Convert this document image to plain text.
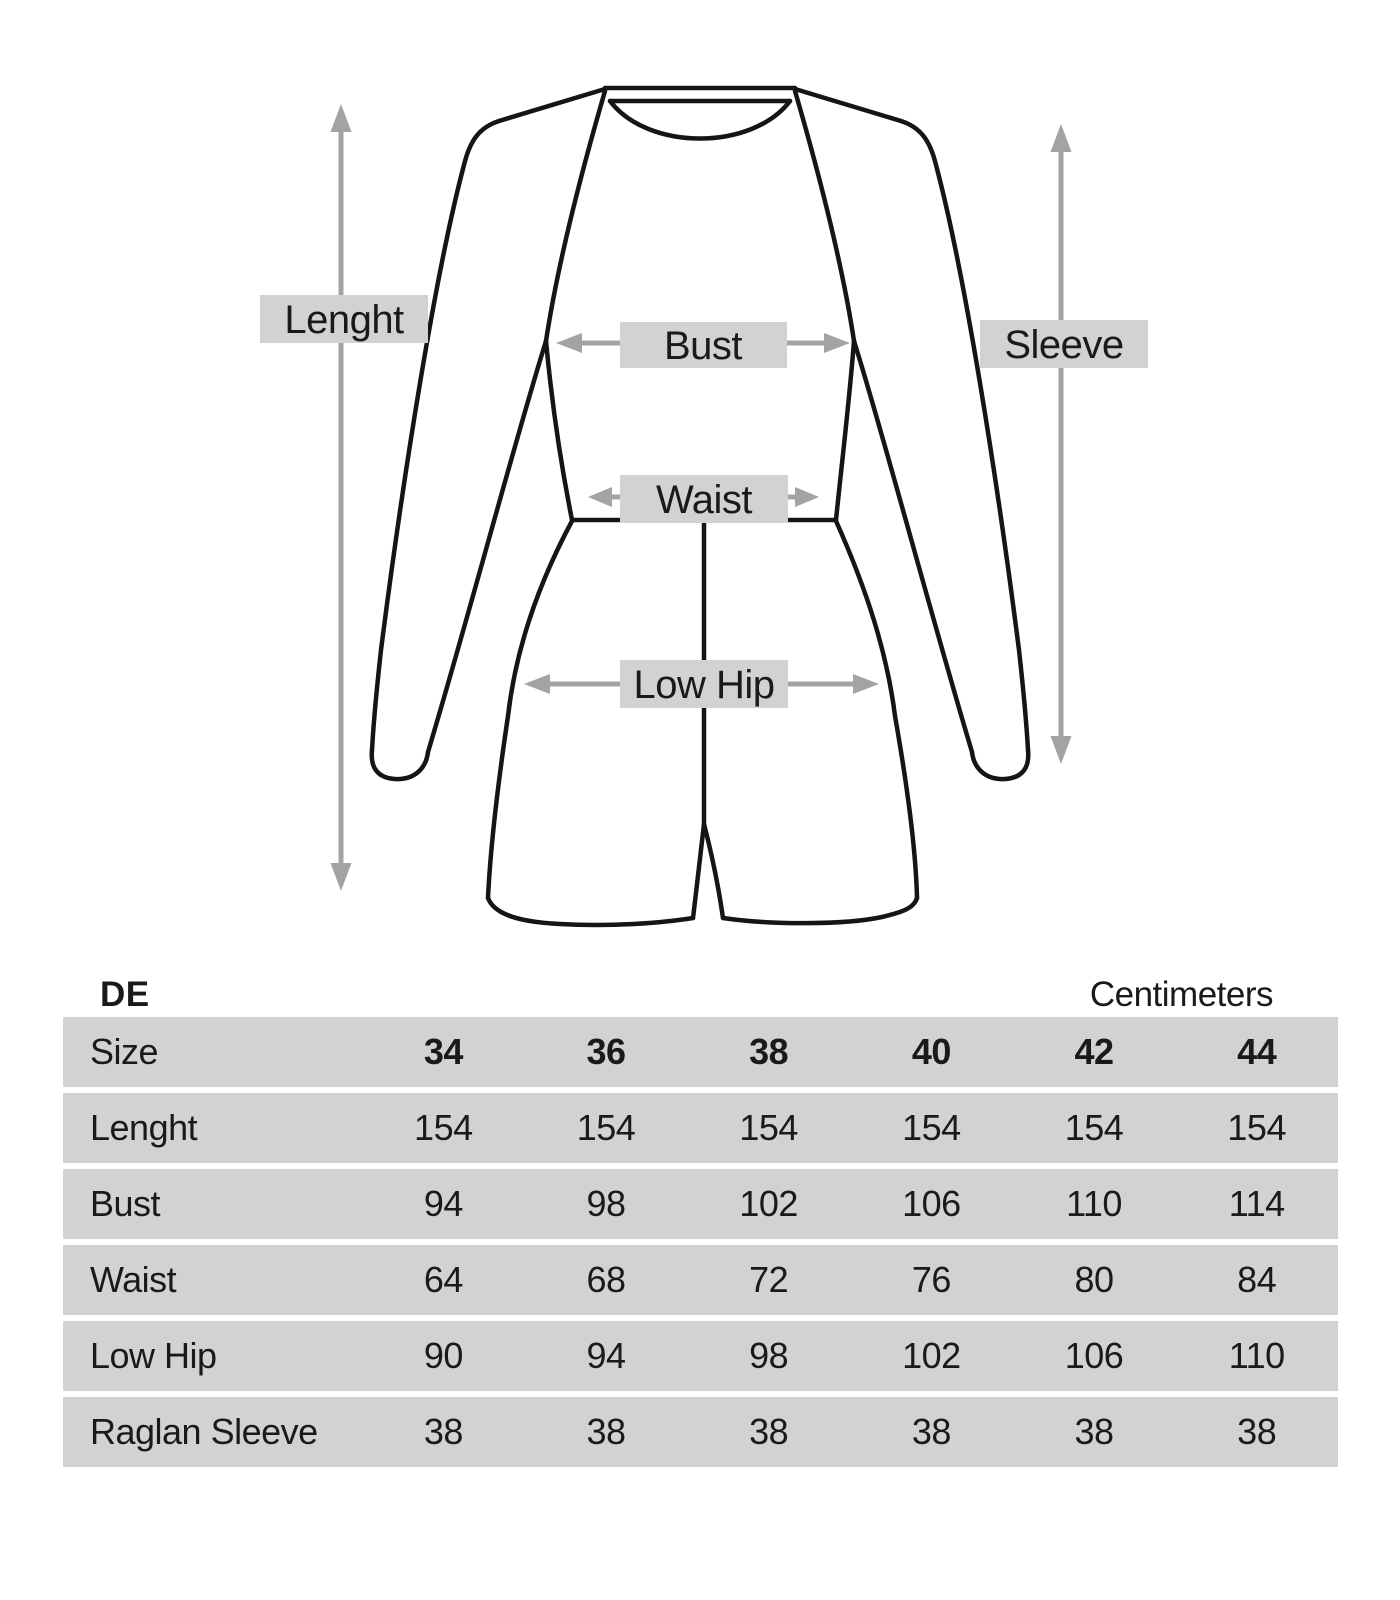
Lenght
Bust
Waist
Low Hip
Sleeve
DE	Centimeters
Size	34	36	38	40	42	44
Lenght	154	154	154	154	154	154
Bust	94	98	102	106	110	114
Waist	64	68	72	76	80	84
Low Hip	90	94	98	102	106	110
Raglan Sleeve	38	38	38	38	38	38
